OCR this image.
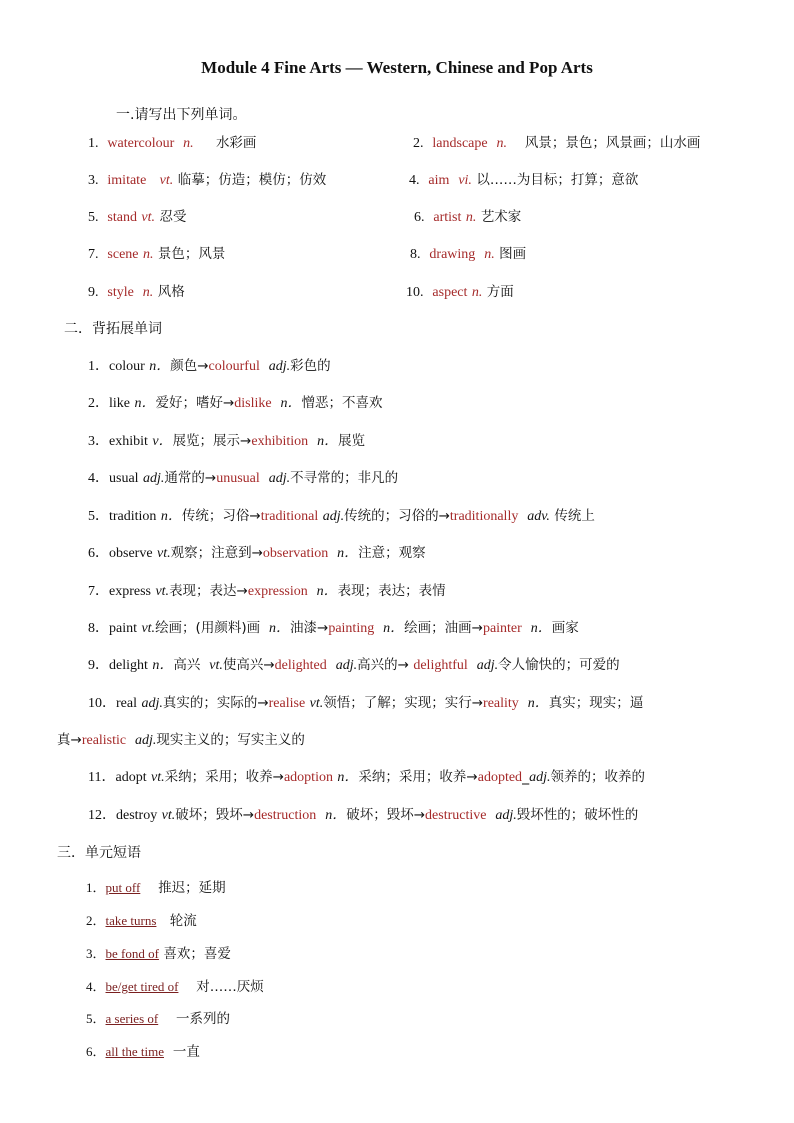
Module 4 Fine Arts — Western, Chinese and Pop Arts
一.请写出下列单词。
1. watercolour n. 水彩画	2. landscape n. 风景；景色；风景画；山水画
3. imitate vt. 临摹；仿造；模仿；仿效	4. aim vi. 以……为目标；打算；意欲
5. stand vt. 忍受	6. artist n. 艺术家
7. scene n. 景色；风景	8. drawing n. 图画
9. style n. 风格	10. aspect n. 方面
二．背拓展单词
1．colour n．颜色→colourful adj.彩色的
2．like n．爱好；嗜好→dislike n．憎恶；不喜欢
3．exhibit v．展览；展示→exhibition n．展览
4．usual adj.通常的→unusual adj.不寻常的；非凡的
5．tradition n．传统；习俗→traditional adj.传统的；习俗的→traditionally adv. 传统上
6．observe vt.观察；注意到→observation n．注意；观察
7．express vt.表现；表达→expression n．表现；表达；表情
8．paint vt.绘画；(用颜料)画 n．油漆→painting n．绘画；油画→painter n．画家
9．delight n．高兴 vt.使高兴→delighted adj.高兴的→ delightful adj.令人愉快的；可爱的
10．real adj.真实的；实际的→realise vt.领悟；了解；实现；实行→reality n．真实；现实；逼
真→realistic adj.现实主义的；写实主义的
11．adopt vt.采纳；采用；收养→adoption n．采纳；采用；收养→adopted_adj.领养的；收养的
12．destroy vt.破坏；毁坏→destruction n．破坏；毁坏→destructive adj.毁坏性的；破坏性的
三．单元短语
1．put off 推迟；延期
2．take turns 轮流
3．be fond of 喜欢；喜爱
4．be/get tired of 对……厌烦
5．a series of 一系列的
6．all the time 一直
